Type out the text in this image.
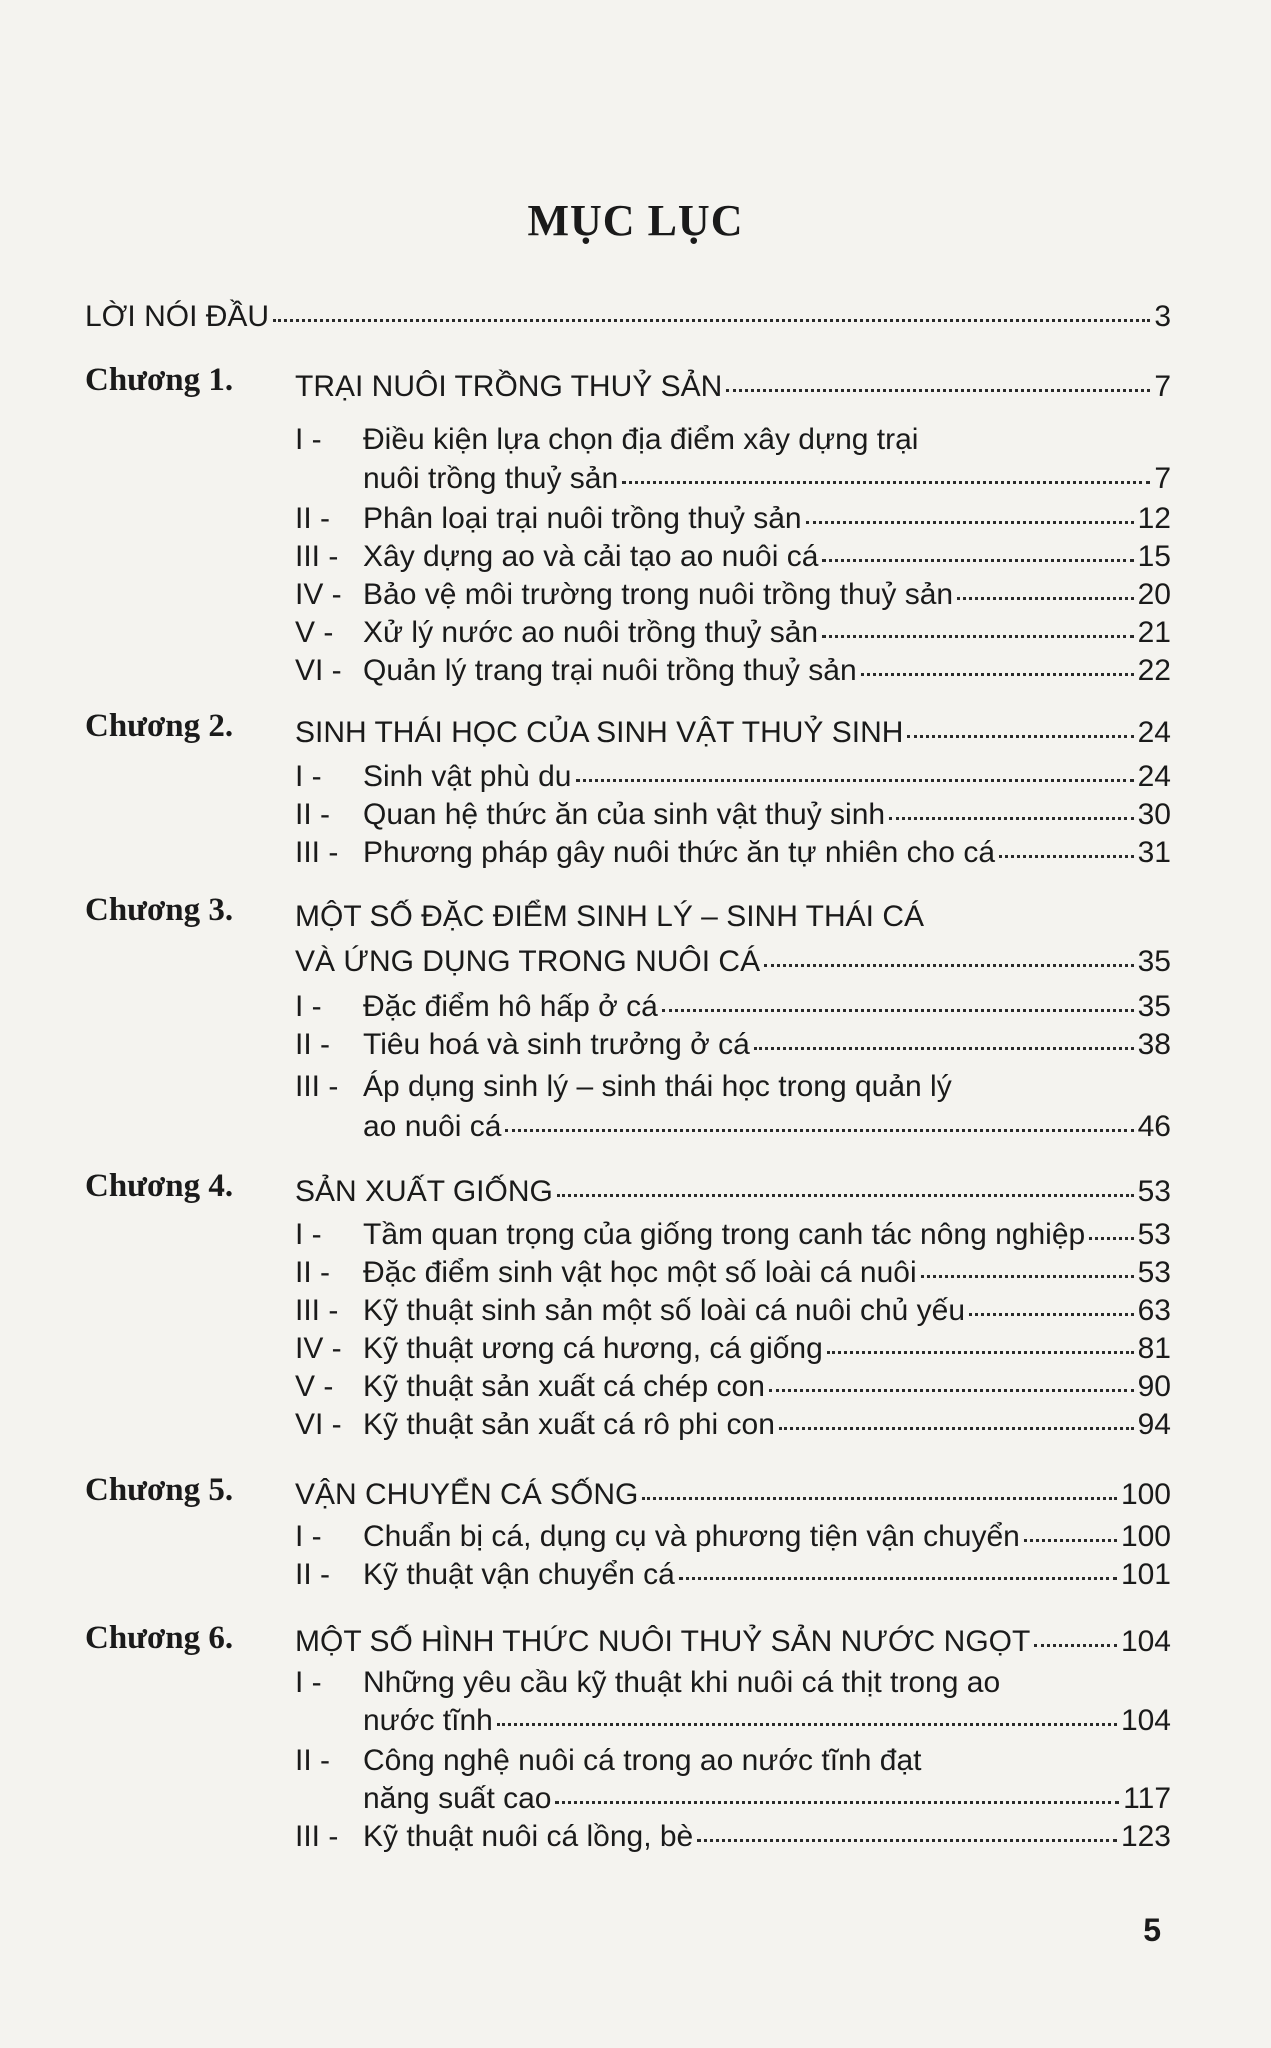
MỤC LỤC
LỜI NÓI ĐẦU	3
Chương 1. TRẠI NUÔI TRỒNG THUỶ SẢN	7
I - Điều kiện lựa chọn địa điểm xây dựng trại
nuôi trồng thuỷ sản	7
II - Phân loại trại nuôi trồng thuỷ sản	12
III - Xây dựng ao và cải tạo ao nuôi cá	15
IV - Bảo vệ môi trường trong nuôi trồng thuỷ sản	20
V - Xử lý nước ao nuôi trồng thuỷ sản	21
VI - Quản lý trang trại nuôi trồng thuỷ sản	22
Chương 2. SINH THÁI HỌC CỦA SINH VẬT THUỶ SINH	24
I - Sinh vật phù du	24
II - Quan hệ thức ăn của sinh vật thuỷ sinh	30
III - Phương pháp gây nuôi thức ăn tự nhiên cho cá	31
Chương 3. MỘT SỐ ĐẶC ĐIỂM SINH LÝ – SINH THÁI CÁ
VÀ ỨNG DỤNG TRONG NUÔI CÁ	35
I - Đặc điểm hô hấp ở cá	35
II - Tiêu hoá và sinh trưởng ở cá	38
III - Áp dụng sinh lý – sinh thái học trong quản lý
ao nuôi cá	46
Chương 4. SẢN XUẤT GIỐNG	53
I - Tầm quan trọng của giống trong canh tác nông nghiệp 53
II - Đặc điểm sinh vật học một số loài cá nuôi	53
III - Kỹ thuật sinh sản một số loài cá nuôi chủ yếu	63
IV - Kỹ thuật ương cá hương, cá giống	81
V - Kỹ thuật sản xuất cá chép con	90
VI - Kỹ thuật sản xuất cá rô phi con	94
Chương 5. VẬN CHUYỂN CÁ SỐNG	100
I - Chuẩn bị cá, dụng cụ và phương tiện vận chuyển	100
II - Kỹ thuật vận chuyển cá	101
Chương 6. MỘT SỐ HÌNH THỨC NUÔI THUỶ SẢN NƯỚC NGỌT	104
I - Những yêu cầu kỹ thuật khi nuôi cá thịt trong ao
nước tĩnh	104
II - Công nghệ nuôi cá trong ao nước tĩnh đạt
năng suất cao	117
III - Kỹ thuật nuôi cá lồng, bè	123
5
